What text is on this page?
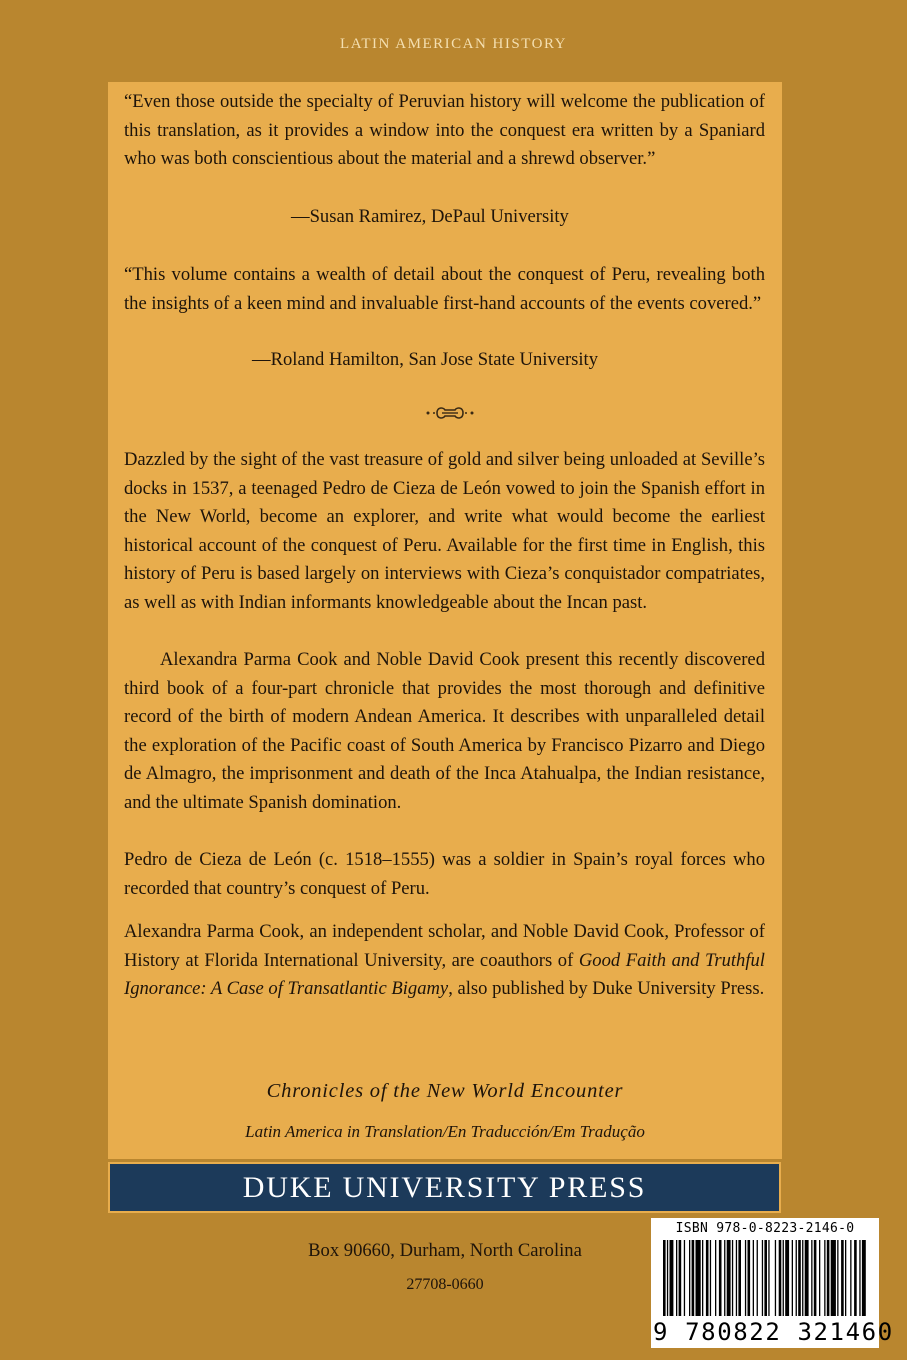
LATIN AMERICAN HISTORY

“Even those outside the specialty of Peruvian history will welcome the publication of this translation, as it provides a window into the conquest era written by a Spaniard who was both conscientious about the material and a shrewd observer.”

—Susan Ramirez, DePaul University

“This volume contains a wealth of detail about the conquest of Peru, revealing both the insights of a keen mind and invaluable first-hand accounts of the events covered.”

—Roland Hamilton, San Jose State University

Dazzled by the sight of the vast treasure of gold and silver being unloaded at Seville’s docks in 1537, a teenaged Pedro de Cieza de León vowed to join the Spanish effort in the New World, become an explorer, and write what would become the earliest historical account of the conquest of Peru. Available for the first time in English, this history of Peru is based largely on interviews with Cieza’s conquistador compatriates, as well as with Indian informants knowledgeable about the Incan past.

Alexandra Parma Cook and Noble David Cook present this recently discovered third book of a four-part chronicle that provides the most thorough and definitive record of the birth of modern Andean America. It describes with unparalleled detail the exploration of the Pacific coast of South America by Francisco Pizarro and Diego de Almagro, the imprisonment and death of the Inca Atahualpa, the Indian resistance, and the ultimate Spanish domination.

Pedro de Cieza de León (c. 1518–1555) was a soldier in Spain’s royal forces who recorded that country’s conquest of Peru.

Alexandra Parma Cook, an independent scholar, and Noble David Cook, Professor of History at Florida International University, are coauthors of Good Faith and Truthful Ignorance: A Case of Transatlantic Bigamy, also published by Duke University Press.

Chronicles of the New World Encounter
Latin America in Translation/En Traducción/Em Tradução
DUKE UNIVERSITY PRESS
Box 90660, Durham, North Carolina
27708-0660
ISBN 978-0-8223-2146-0
9 780822 321460
